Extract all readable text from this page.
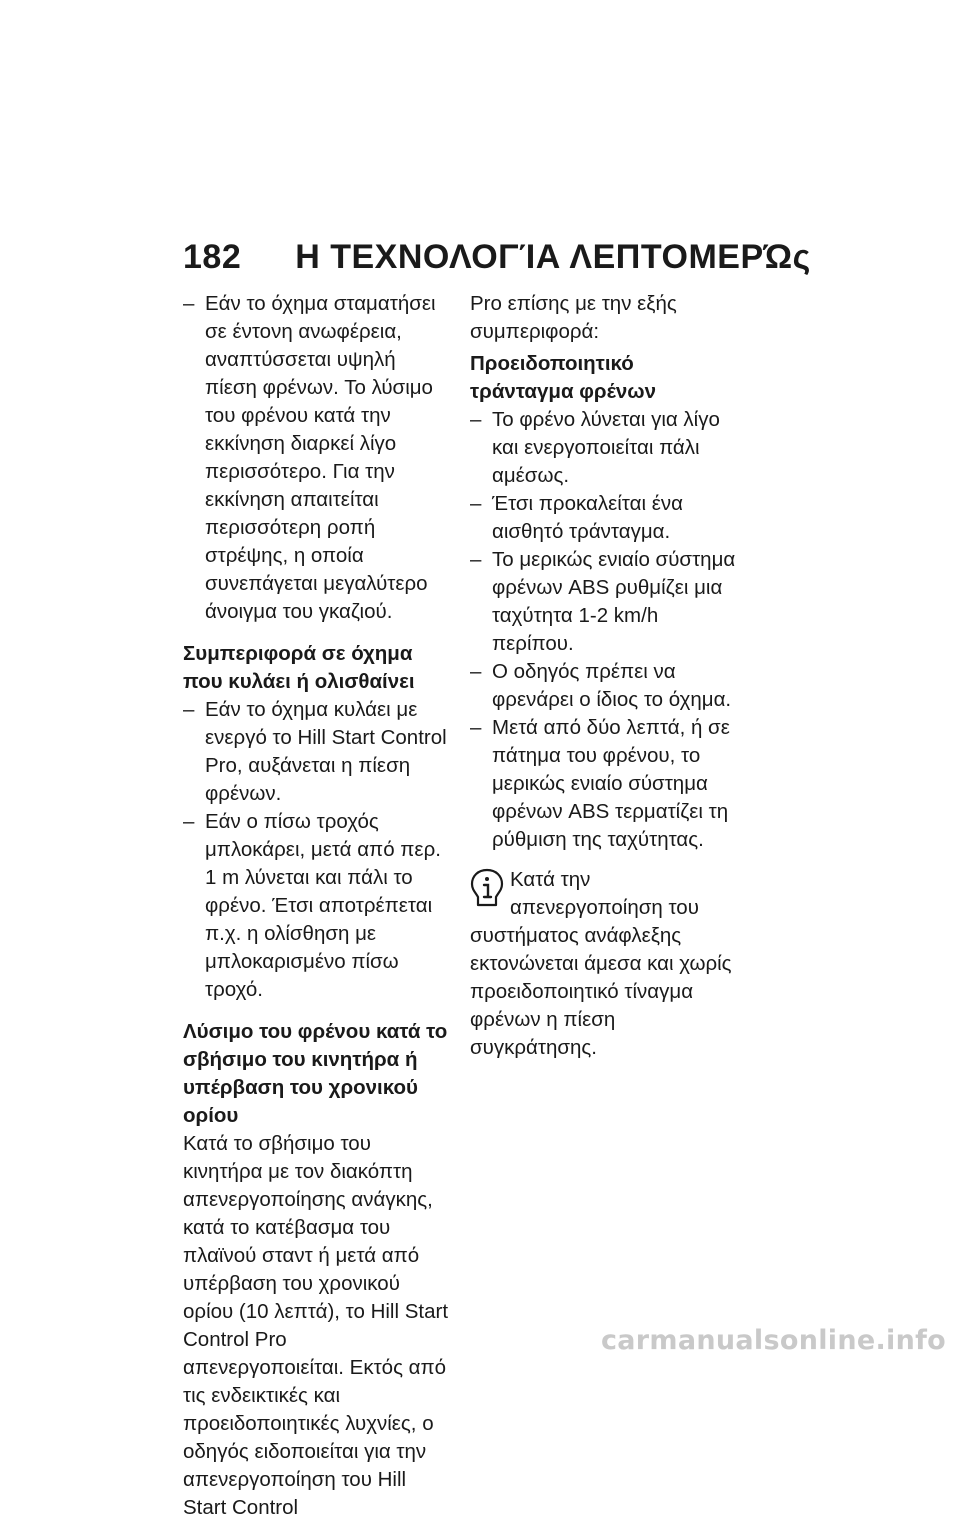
182 Η ΤΕΧΝΟΛΟΓΊΑ ΛΕΠΤΟΜΕΡΏς

– Εάν το όχημα σταματήσει σε έντονη ανωφέρεια, αναπτύσσεται υψηλή πίεση φρένων. Το λύσιμο του φρένου κατά την εκκίνηση διαρκεί λίγο περισσότερο. Για την εκκίνηση απαιτείται περισσότερη ροπή στρέψης, η οποία συνεπάγεται μεγαλύτερο άνοιγμα του γκαζιού.

Συμπεριφορά σε όχημα που κυλάει ή ολισθαίνει

– Εάν το όχημα κυλάει με ενεργό το Hill Start Control Pro, αυξάνεται η πίεση φρένων.

– Εάν ο πίσω τροχός μπλοκάρει, μετά από περ. 1 m λύνεται και πάλι το φρένο. Έτσι αποτρέπεται π.χ. η ολίσθηση με μπλοκαρισμένο πίσω τροχό.

Λύσιμο του φρένου κατά το σβήσιμο του κινητήρα ή υπέρβαση του χρονικού ορίου

Κατά το σβήσιμο του κινητήρα με τον διακόπτη απενεργοποίησης ανάγκης, κατά το κατέβασμα του πλαϊνού σταντ ή μετά από υπέρβαση του χρονικού ορίου (10 λεπτά), το Hill Start Control Pro απενεργοποιείται. Εκτός από τις ενδεικτικές και προειδοποιητικές λυχνίες, ο οδηγός ειδοποιείται για την απενεργοποίηση του Hill Start Control

Pro επίσης με την εξής συμπεριφορά:

Προειδοποιητικό τράνταγμα φρένων

– Το φρένο λύνεται για λίγο και ενεργοποιείται πάλι αμέσως.

– Έτσι προκαλείται ένα αισθητό τράνταγμα.

– Το μερικώς ενιαίο σύστημα φρένων ABS ρυθμίζει μια ταχύτητα 1-2 km/h περίπου.

– Ο οδηγός πρέπει να φρενάρει ο ίδιος το όχημα.

– Μετά από δύο λεπτά, ή σε πάτημα του φρένου, το μερικώς ενιαίο σύστημα φρένων ABS τερματίζει τη ρύθμιση της ταχύτητας.

Κατά την απενεργοποίηση του συστήματος ανάφλεξης εκτονώνεται άμεσα και χωρίς προειδοποιητικό τίναγμα φρένων η πίεση συγκράτησης.
carmanualsonline.info
